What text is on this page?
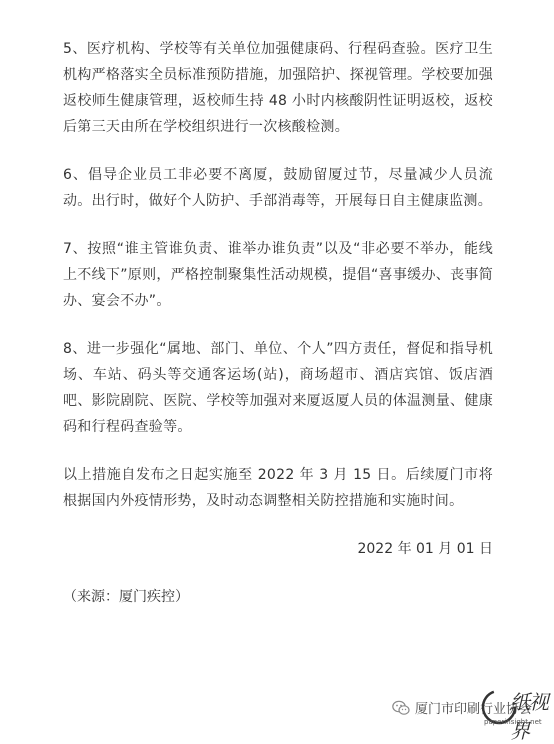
5、医疗机构、学校等有关单位加强健康码、行程码查验。医疗卫生机构严格落实全员标准预防措施，加强陪护、探视管理。学校要加强返校师生健康管理，返校师生持 48 小时内核酸阴性证明返校，返校后第三天由所在学校组织进行一次核酸检测。

6、倡导企业员工非必要不离厦，鼓励留厦过节，尽量减少人员流动。出行时，做好个人防护、手部消毒等，开展每日自主健康监测。

7、按照“谁主管谁负责、谁举办谁负责”以及“非必要不举办，能线上不线下”原则，严格控制聚集性活动规模，提倡“喜事缓办、丧事简办、宴会不办”。

8、进一步强化“属地、部门、单位、个人”四方责任，督促和指导机场、车站、码头等交通客运场(站)，商场超市、酒店宾馆、饭店酒吧、影院剧院、医院、学校等加强对来厦返厦人员的体温测量、健康码和行程码查验等。

以上措施自发布之日起实施至 2022 年 3 月 15 日。后续厦门市将根据国内外疫情形势，及时动态调整相关防控措施和实施时间。

2022 年 01 月 01 日

（来源：厦门疾控）

厦门市印刷行业协会
纸视界
paperinsight.net
